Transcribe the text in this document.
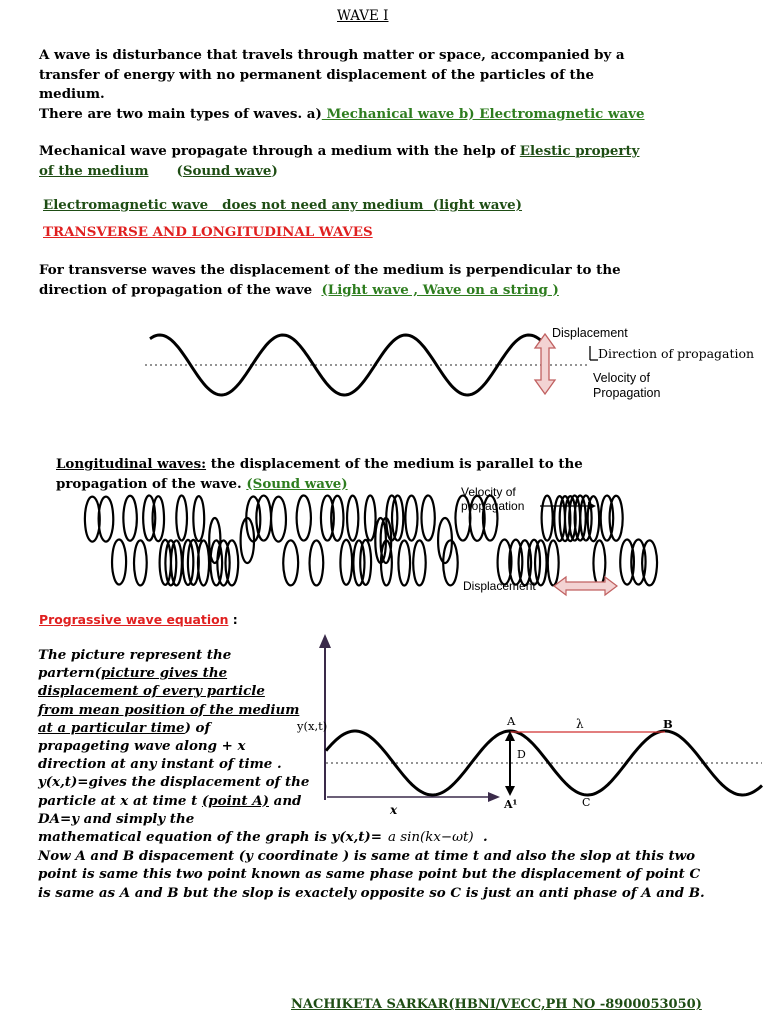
WAVE I
A wave is disturbance that travels through matter or space, accompanied by a
transfer of energy with no permanent displacement of the particles of the
medium.
There are two main types of waves. a) Mechanical wave b) Electromagnetic wave
Mechanical wave propagate through a medium with the help of Elestic property
of the medium (Sound wave)
Electromagnetic wave   does not need any medium  (light wave)
TRANSVERSE AND LONGITUDINAL WAVES
For transverse waves the displacement of the medium is perpendicular to the
direction of propagation of the wave  (Light wave , Wave on a string )
Displacement
Direction of propagation
Velocity of
Propagation
Longitudinal waves: the displacement of the medium is parallel to the
propagation of the wave. (Sound wave)
Velocity of
propagation
Displacement
Prograssive wave equation :
The picture represent the
partern(picture gives the
displacement of every particle
from mean position of the medium
at a particular time) of
prapageting wave along + x
direction at any instant of time .
y(x,t)=gives the displacement of the
particle at x at time t (point A) and
DA=y and simply the
mathematical equation of the graph is y(x,t)= a sin(kx−ωt)  .
Now A and B dispacement (y coordinate ) is same at time t and also the slop at this two
point is same this two point known as same phase point but the displacement of point C
is same as A and B but the slop is exactely opposite so C is just an anti phase of A and B.
y(x,t)	A	λ	B
D
A¹	C
x
NACHIKETA SARKAR(HBNI/VECC,PH NO -8900053050)
